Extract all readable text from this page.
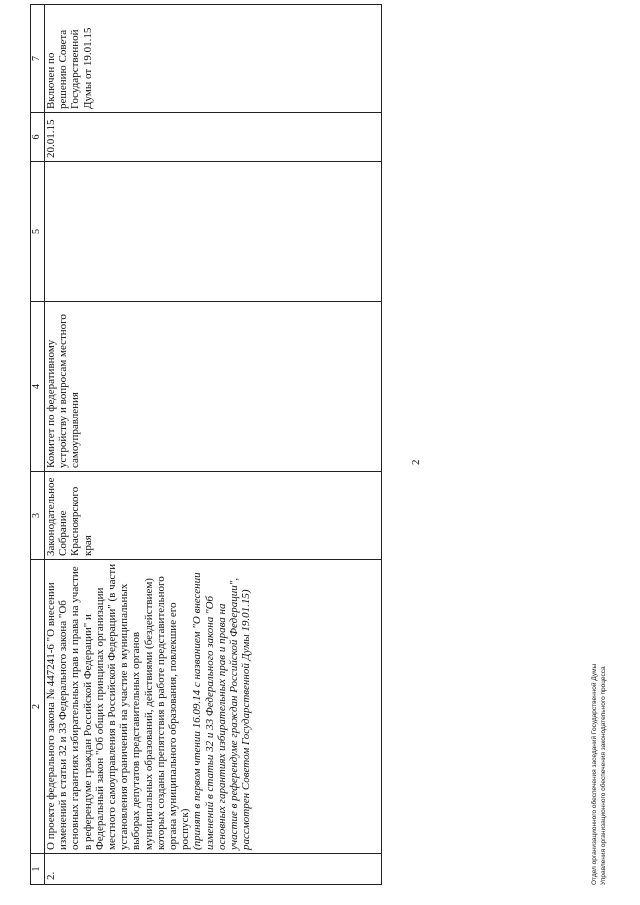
2
1	2	3	4	5	6	7
2.	О проекте федерального закона № 447241-6 "О внесении изменений в статьи 32 и 33 Федерального закона "Об основных гарантиях избирательных прав и права на участие в референдуме граждан Российской Федерации" и Федеральный закон "Об общих принципах организации местного самоуправления в Российской Федерации" (в части установления ограничений на участие в муниципальных выборах депутатов представительных органов муниципальных образований, действиями (бездействием) которых созданы препятствия в работе представительного органа муниципального образования, повлекшие его роспуск) (принят в первом чтении 16.09.14 с названием "О внесении изменений в статьи 32 и 33 Федерального закона "Об основных гарантиях избирательных прав и права на участие в референдуме граждан Российской Федерации", рассмотрен Советом Государственной Думы 19.01.15)	Законодательное Собрание Красноярского края	Комитет по федеративному устройству и вопросам местного самоуправления		20.01.15	Включен по решению Совета Государственной Думы от 19.01.15
Отдел организационного обеспечения заседаний Государственной Думы Управления организационного обеспечения законодательного процесса
